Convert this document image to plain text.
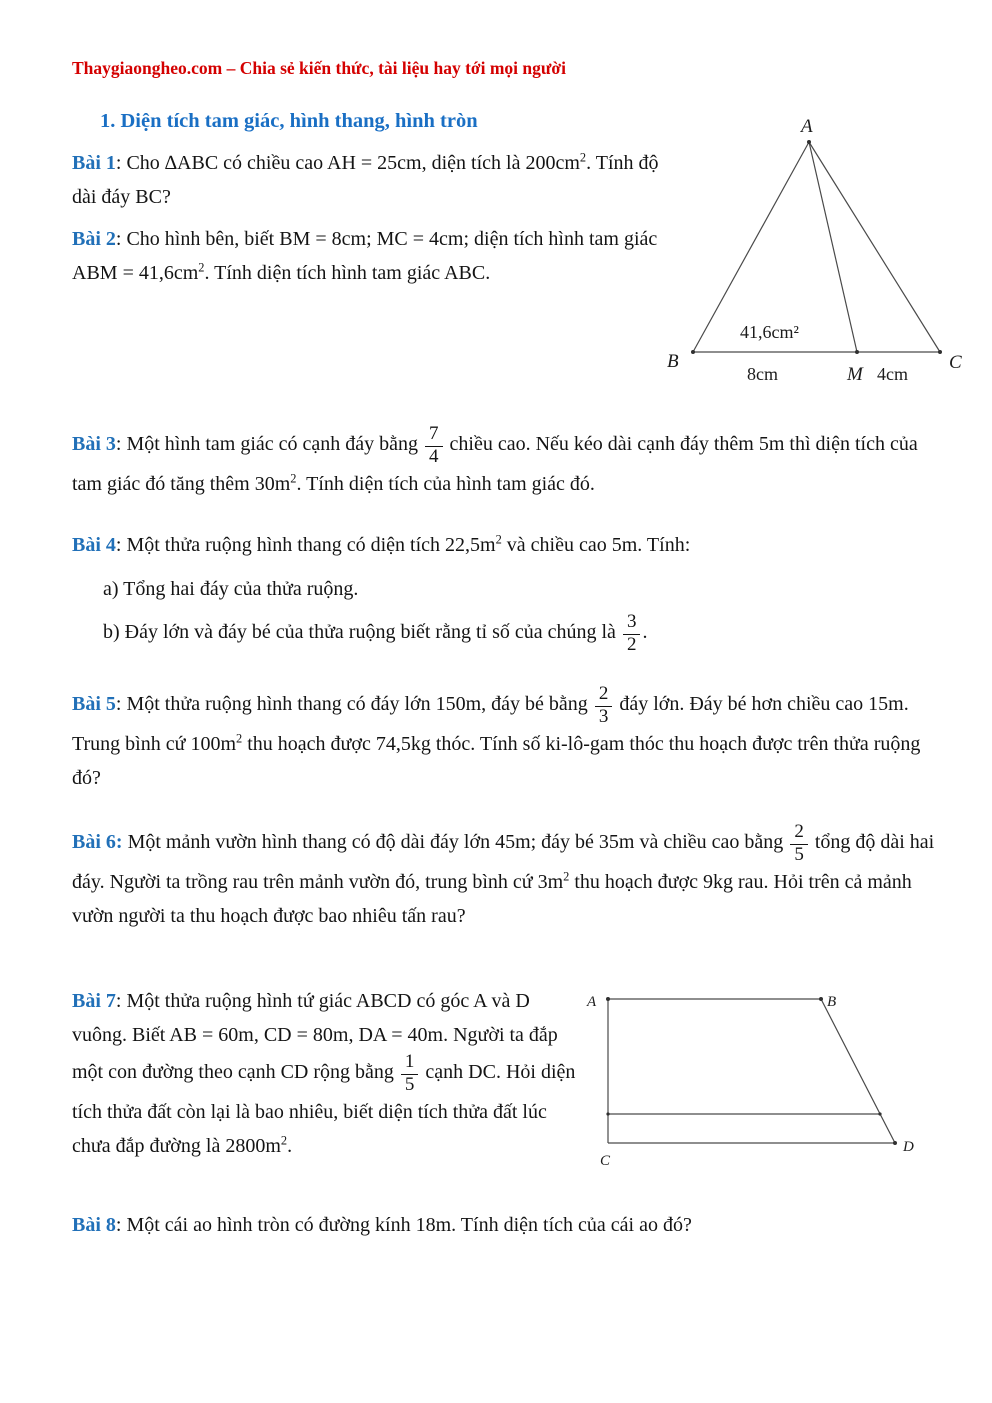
Thaygiaongheo.com – Chia sẻ kiến thức, tài liệu hay tới mọi người
1. Diện tích tam giác, hình thang, hình tròn	A
B	C
M
41,6cm²
8cm	4cm
Bài 1: Cho ∆ABC có chiều cao AH = 25cm, diện tích là $200cm^2$. Tính độ dài đáy BC?
Bài 2: Cho hình bên, biết BM = 8cm; MC = 4cm; diện tích hình tam giác ABM = $41,6cm^2$. Tính diện tích hình tam giác ABC.
Bài 3: Một hình tam giác có cạnh đáy bằng $\frac{7}{4}$ chiều cao. Nếu kéo dài cạnh đáy thêm 5m thì diện tích của tam giác đó tăng thêm $30m^2$. Tính diện tích của hình tam giác đó.
Bài 4: Một thửa ruộng hình thang có diện tích $22,5m^2$ và chiều cao 5m. Tính:
a) Tổng hai đáy của thửa ruộng.
b) Đáy lớn và đáy bé của thửa ruộng biết rằng tỉ số của chúng là $\frac{3}{2}$ .
Bài 5: Một thửa ruộng hình thang có đáy lớn 150m, đáy bé bằng $\frac{2}{3}$ đáy lớn. Đáy bé hơn chiều cao 15m. Trung bình cứ $100m^2$ thu hoạch được 74,5kg thóc. Tính số ki-lô-gam thóc thu hoạch được trên thửa ruộng đó?
Bài 6: Một mảnh vườn hình thang có độ dài đáy lớn 45m; đáy bé 35m và chiều cao bằng $\frac{2}{5}$ tổng độ dài hai đáy. Người ta trồng rau trên mảnh vườn đó, trung bình cứ $3m^2$ thu hoạch được 9kg rau. Hỏi trên cả mảnh vườn người ta thu hoạch được bao nhiêu tấn rau?
A	B
C
D
Bài 7: Một thửa ruộng hình tứ giác ABCD có góc A và D vuông. Biết AB = 60m, CD = 80m, DA = 40m. Người ta đắp một con đường theo cạnh CD rộng bằng $\frac{1}{5}$ cạnh DC. Hỏi diện tích thửa đất còn lại là bao nhiêu, biết diện tích thửa đất lúc chưa đắp đường là $2800m^2$.
Bài 8: Một cái ao hình tròn có đường kính 18m. Tính diện tích của cái ao đó?
